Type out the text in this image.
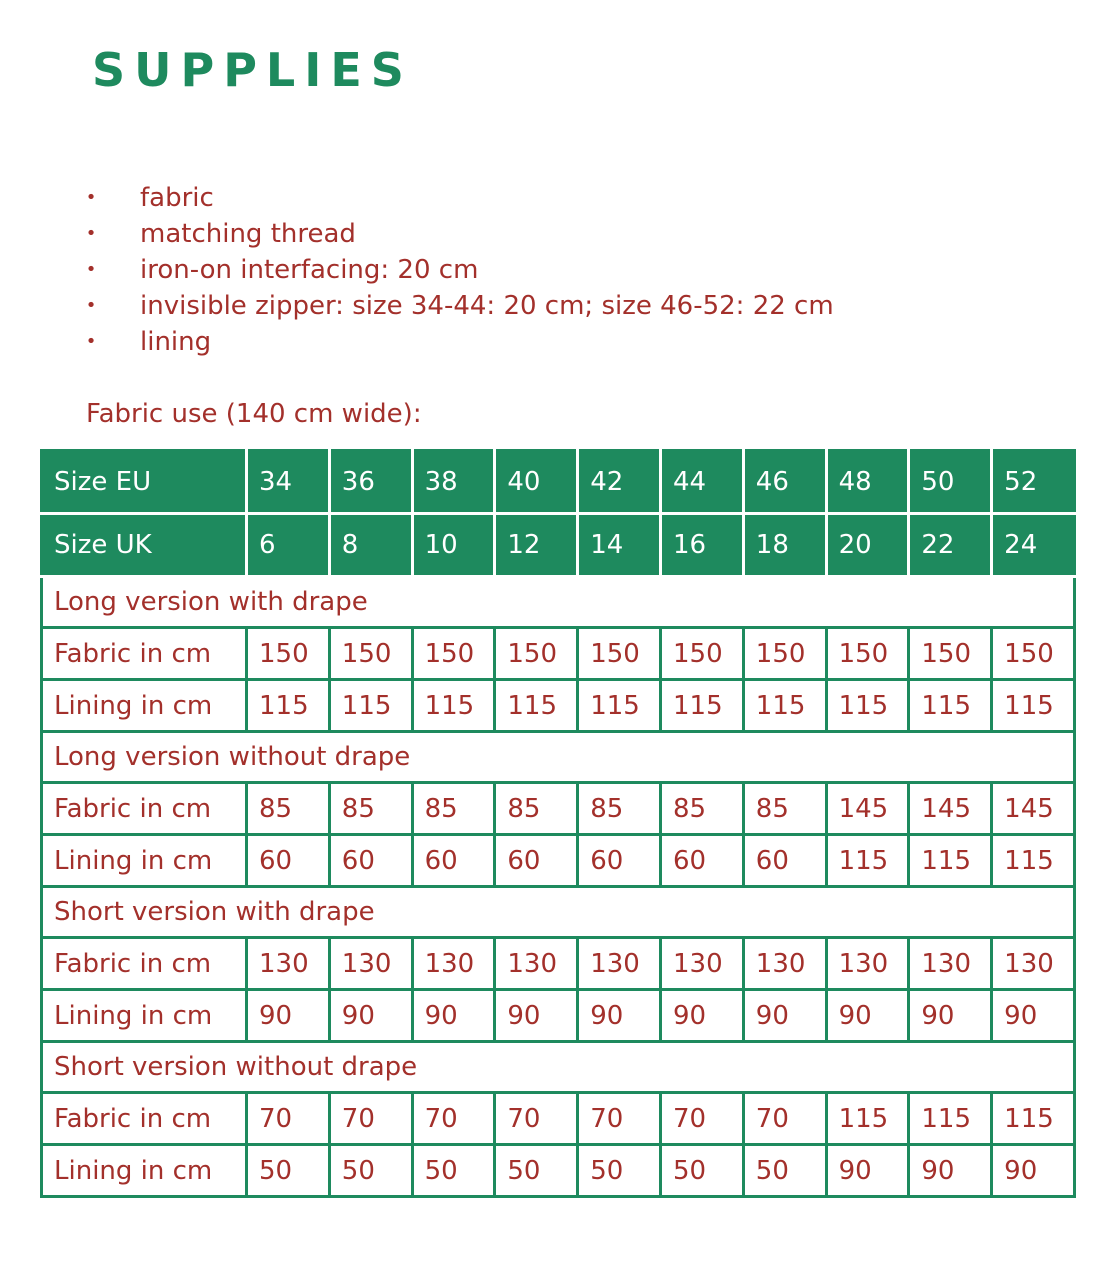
SUPPLIES
• fabric
• matching thread
• iron-on interfacing: 20 cm
• invisible zipper: size 34-44: 20 cm; size 46-52: 22 cm
• lining

Fabric use (140 cm wide):

Size EU	34	36	38	40	42	44	46	48	50	52
Size UK	6	8	10	12	14	16	18	20	22	24
Long version with drape										
Fabric in cm	150	150	150	150	150	150	150	150	150	150
Lining in cm	115	115	115	115	115	115	115	115	115	115
Long version without drape										
Fabric in cm	85	85	85	85	85	85	85	145	145	145
Lining in cm	60	60	60	60	60	60	60	115	115	115
Short version with drape										
Fabric in cm	130	130	130	130	130	130	130	130	130	130
Lining in cm	90	90	90	90	90	90	90	90	90	90
Short version without drape										
Fabric in cm	70	70	70	70	70	70	70	115	115	115
Lining in cm	50	50	50	50	50	50	50	90	90	90
